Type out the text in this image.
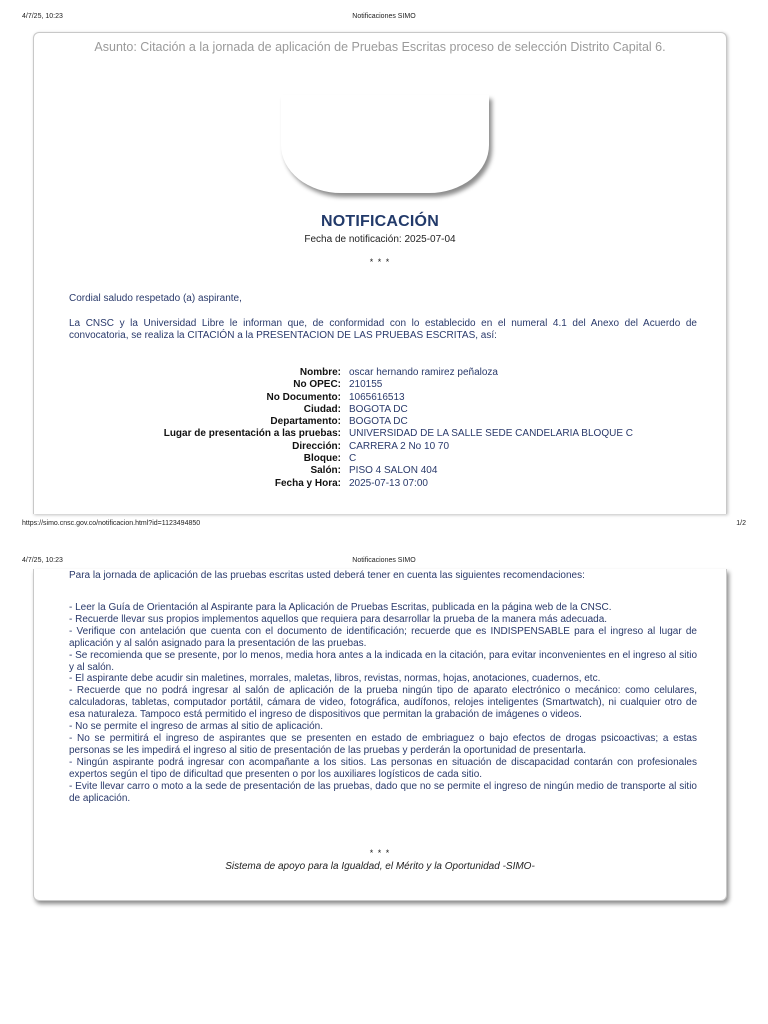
4/7/25, 10:23	Notificaciones SIMO
Asunto: Citación a la jornada de aplicación de Pruebas Escritas proceso de selección Distrito Capital 6.
NOTIFICACIÓN
Fecha de notificación: 2025-07-04
* * *
Cordial saludo respetado (a) aspirante,
La CNSC y la Universidad Libre le informan que, de conformidad con lo establecido en el numeral 4.1 del Anexo del Acuerdo de convocatoria, se realiza la CITACIÓN a la PRESENTACION DE LAS PRUEBAS ESCRITAS, así:
Nombre: oscar hernando ramirez peñaloza
No OPEC: 210155
No Documento: 1065616513
Ciudad: BOGOTA DC
Departamento: BOGOTA DC
Lugar de presentación a las pruebas: UNIVERSIDAD DE LA SALLE SEDE CANDELARIA BLOQUE C
Dirección: CARRERA 2 No 10 70
Bloque: C
Salón: PISO 4 SALON 404
Fecha y Hora: 2025-07-13 07:00
https://simo.cnsc.gov.co/notificacion.html?id=1123494850	1/2
4/7/25, 10:23	Notificaciones SIMO
Para la jornada de aplicación de las pruebas escritas usted deberá tener en cuenta las siguientes recomendaciones:
- Leer la Guía de Orientación al Aspirante para la Aplicación de Pruebas Escritas, publicada en la página web de la CNSC.
- Recuerde llevar sus propios implementos aquellos que requiera para desarrollar la prueba de la manera más adecuada.
- Verifique con antelación que cuenta con el documento de identificación; recuerde que es INDISPENSABLE para el ingreso al lugar de aplicación y al salón asignado para la presentación de las pruebas.
- Se recomienda que se presente, por lo menos, media hora antes a la indicada en la citación, para evitar inconvenientes en el ingreso al sitio y al salón.
- El aspirante debe acudir sin maletines, morrales, maletas, libros, revistas, normas, hojas, anotaciones, cuadernos, etc.
- Recuerde que no podrá ingresar al salón de aplicación de la prueba ningún tipo de aparato electrónico o mecánico: como celulares, calculadoras, tabletas, computador portátil, cámara de video, fotográfica, audífonos, relojes inteligentes (Smartwatch), ni cualquier otro de esa naturaleza. Tampoco está permitido el ingreso de dispositivos que permitan la grabación de imágenes o videos.
- No se permite el ingreso de armas al sitio de aplicación.
- No se permitirá el ingreso de aspirantes que se presenten en estado de embriaguez o bajo efectos de drogas psicoactivas; a estas personas se les impedirá el ingreso al sitio de presentación de las pruebas y perderán la oportunidad de presentarla.
- Ningún aspirante podrá ingresar con acompañante a los sitios. Las personas en situación de discapacidad contarán con profesionales expertos según el tipo de dificultad que presenten o por los auxiliares logísticos de cada sitio.
- Evite llevar carro o moto a la sede de presentación de las pruebas, dado que no se permite el ingreso de ningún medio de transporte al sitio de aplicación.
* * *
Sistema de apoyo para la Igualdad, el Mérito y la Oportunidad -SIMO-
